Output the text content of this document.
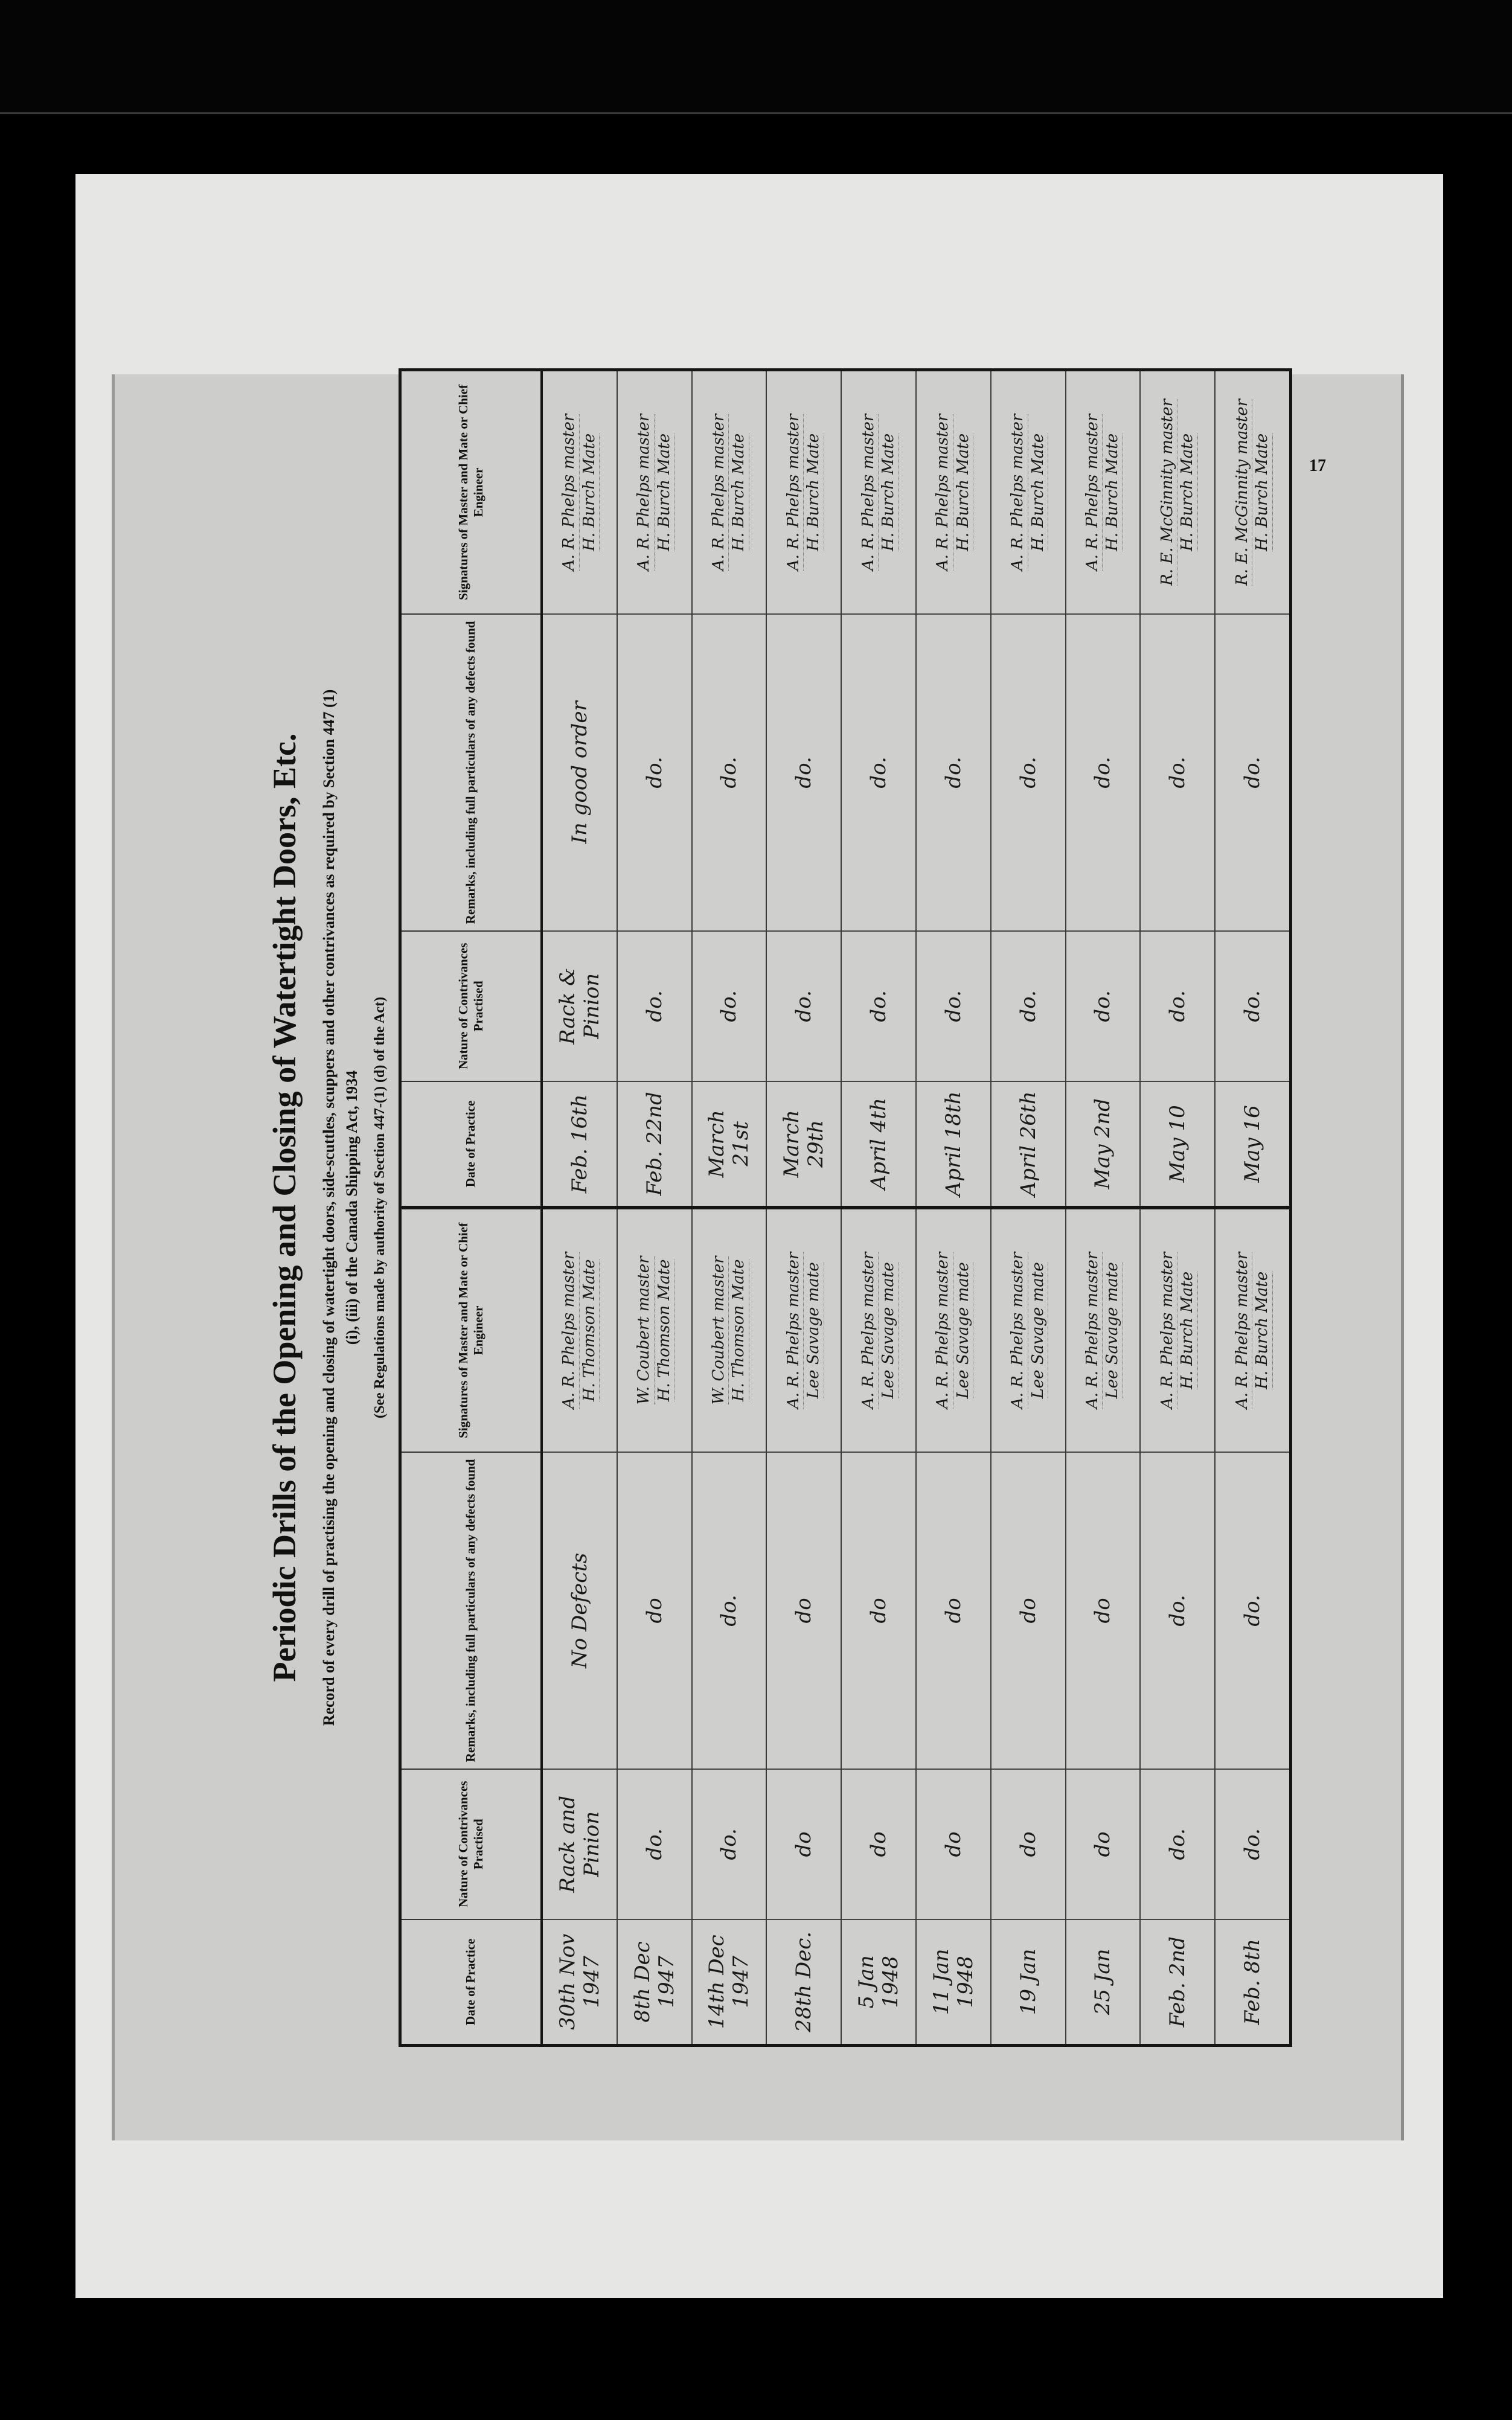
17
Periodic Drills of the Opening and Closing of Watertight Doors, Etc. Record of every drill of practising the opening and closing of watertight doors, side-scuttles, scuppers and other contrivances as required by Section 447 (1) (i), (iii) of the Canada Shipping Act, 1934 (See Regulations made by authority of Section 447-(1) (d) of the Act)
Date of Practice
Nature of Contrivances Practised
Remarks, including full particulars of any defects found
Signatures of Master and Mate or Chief Engineer
30th Nov 1947
Rack and Pinion
No Defects
A. R. Phelps master H. Thomson Mate
8th Dec 1947
do.
do
W. Coubert master H. Thomson Mate
14th Dec 1947
do.
do.
W. Coubert master H. Thomson Mate
28th Dec.
do
do
A. R. Phelps master Lee Savage mate
5 Jan 1948
do
do
A. R. Phelps master Lee Savage mate
11 Jan 1948
do
do
A. R. Phelps master Lee Savage mate
19 Jan
do
do
A. R. Phelps master Lee Savage mate
25 Jan
do
do
A. R. Phelps master Lee Savage mate
Feb. 2nd
do.
do.
A. R. Phelps master H. Burch Mate
Feb. 8th
do.
do.
A. R. Phelps master H. Burch Mate
Date of Practice
Nature of Contrivances Practised
Remarks, including full particulars of any defects found
Signatures of Master and Mate or Chief Engineer
Feb. 16th
Rack & Pinion
In good order
A. R. Phelps master H. Burch Mate
Feb. 22nd
do.
do.
A. R. Phelps master H. Burch Mate
March 21st
do.
do.
A. R. Phelps master H. Burch Mate
March 29th
do.
do.
A. R. Phelps master H. Burch Mate
April 4th
do.
do.
A. R. Phelps master H. Burch Mate
April 18th
do.
do.
A. R. Phelps master H. Burch Mate
April 26th
do.
do.
A. R. Phelps master H. Burch Mate
May 2nd
do.
do.
A. R. Phelps master H. Burch Mate
May 10
do.
do.
R. E. McGinnity master H. Burch Mate
May 16
do.
do.
R. E. McGinnity master H. Burch Mate
